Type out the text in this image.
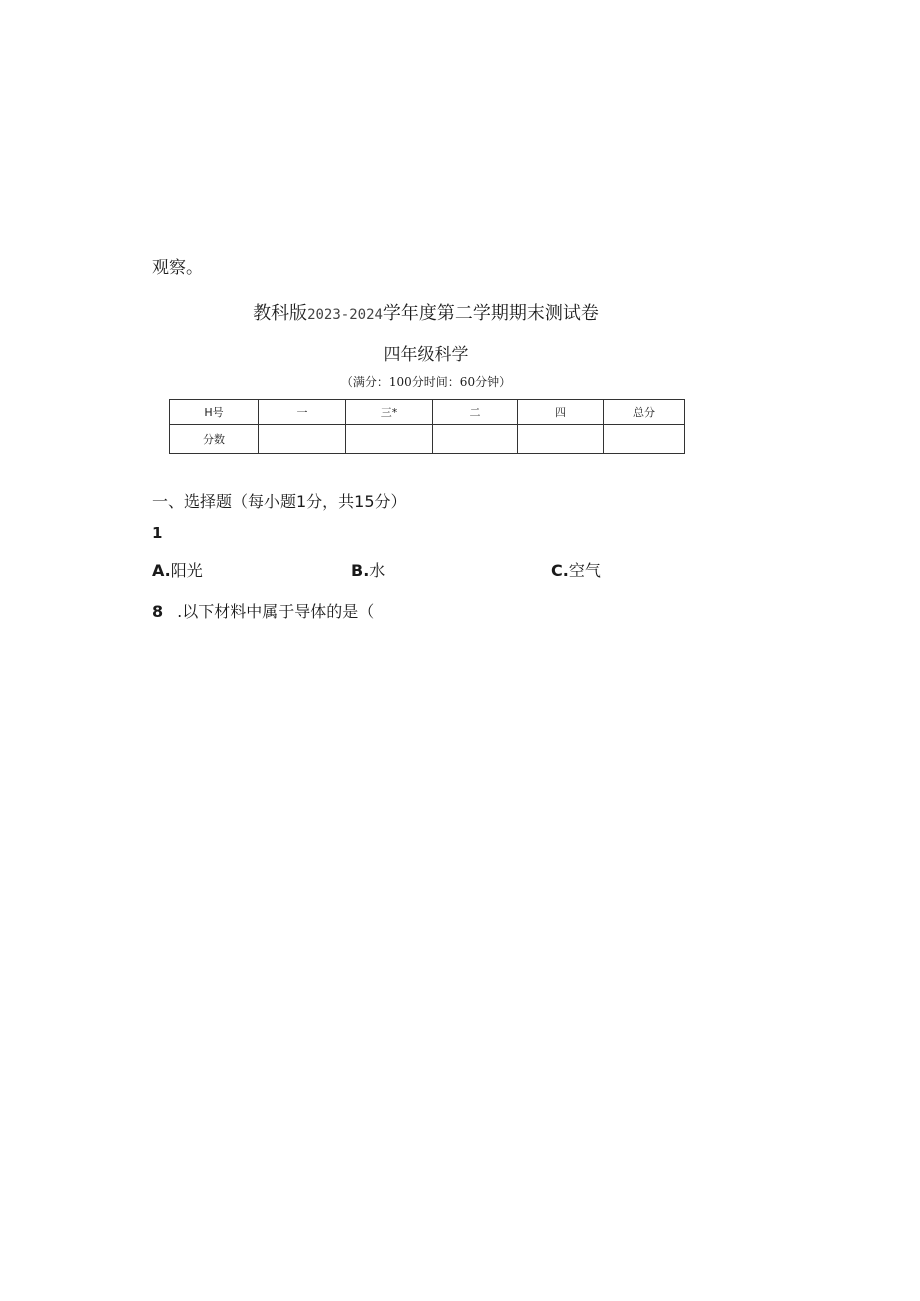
观察。
教科版2023-2024学年度第二学期期末测试卷
四年级科学
（满分：100分时间：60分钟）
H号	一	三*	二	四	总分
分数					
一、选择题（每小题1分，共15分）
1
A.阳光	B.水	C.空气
8 .以下材料中属于导体的是（
